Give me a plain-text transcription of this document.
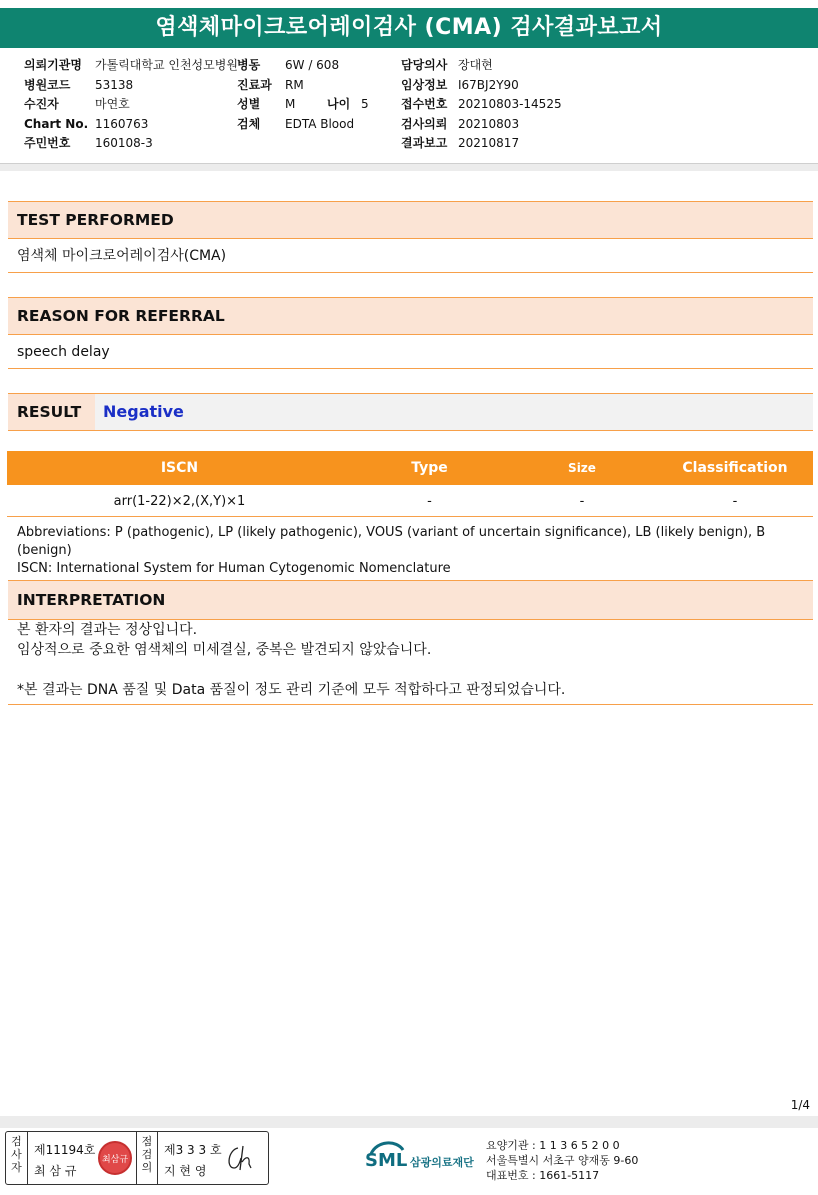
염색체마이크로어레이검사 (CMA) 검사결과보고서
의뢰기관명 가톨릭대학교 인천성모병원
병원코드 53138
수진자	마연호
Chart No. 1160763
주민번호 160108-3
병동 6W / 608
진료과 RM
성별 M	나이 5
검체 EDTA Blood
담당의사 장대현
임상정보 I67BJ2Y90
접수번호 20210803-14525
검사의뢰 20210803
결과보고 20210817
TEST PERFORMED
염색체 마이크로어레이검사(CMA)
REASON FOR REFERRAL
speech delay
RESULT	Negative
ISCN	Type	Size	Classification
arr(1-22)×2,(X,Y)×1	-	-	-
Abbreviations: P (pathogenic), LP (likely pathogenic), VOUS (variant of uncertain significance), LB (likely benign), B (benign)
ISCN: International System for Human Cytogenomic Nomenclature
INTERPRETATION
본 환자의 결과는 정상입니다.
임상적으로 중요한 염색체의 미세결실, 중복은 발견되지 않았습니다.
*본 결과는 DNA 품질 및 Data 품질이 정도 관리 기준에 모두 적합하다고 판정되었습니다.
1/4
검사자
제11194호
최 삼 규
최삼규
점검의
제3 3 3 호
지 현 영	SML 삼광의료재단
요양기관 : 1 1 3 6 5 2 0 0
서울특별시 서초구 양재동 9-60
대표번호 : 1661-5117
